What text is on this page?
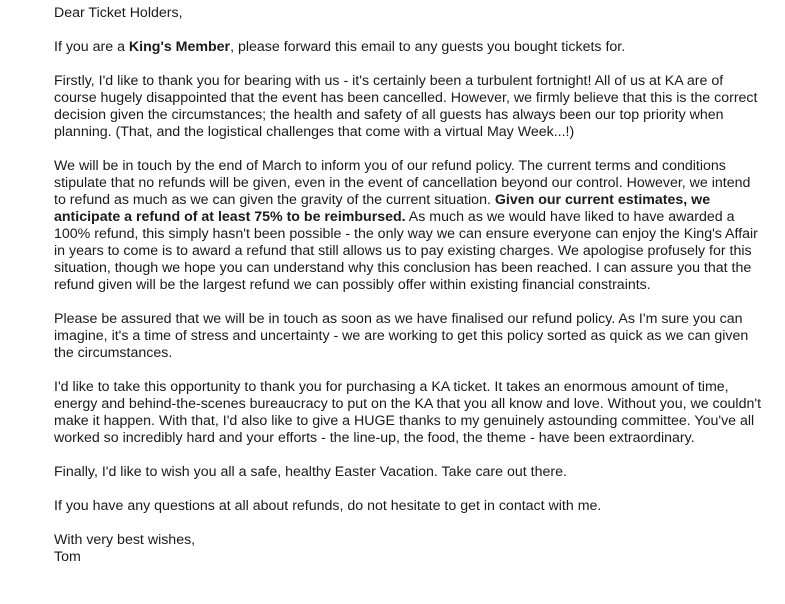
Dear Ticket Holders,

If you are a King's Member, please forward this email to any guests you bought tickets for.

Firstly, I'd like to thank you for bearing with us - it's certainly been a turbulent fortnight! All of us at KA are of course hugely disappointed that the event has been cancelled. However, we firmly believe that this is the correct decision given the circumstances; the health and safety of all guests has always been our top priority when planning. (That, and the logistical challenges that come with a virtual May Week...!)

We will be in touch by the end of March to inform you of our refund policy. The current terms and conditions stipulate that no refunds will be given, even in the event of cancellation beyond our control. However, we intend to refund as much as we can given the gravity of the current situation. Given our current estimates, we anticipate a refund of at least 75% to be reimbursed. As much as we would have liked to have awarded a 100% refund, this simply hasn't been possible - the only way we can ensure everyone can enjoy the King's Affair in years to come is to award a refund that still allows us to pay existing charges. We apologise profusely for this situation, though we hope you can understand why this conclusion has been reached. I can assure you that the refund given will be the largest refund we can possibly offer within existing financial constraints.

Please be assured that we will be in touch as soon as we have finalised our refund policy. As I'm sure you can imagine, it's a time of stress and uncertainty - we are working to get this policy sorted as quick as we can given the circumstances.

I'd like to take this opportunity to thank you for purchasing a KA ticket. It takes an enormous amount of time, energy and behind-the-scenes bureaucracy to put on the KA that you all know and love. Without you, we couldn't make it happen. With that, I'd also like to give a HUGE thanks to my genuinely astounding committee. You've all worked so incredibly hard and your efforts - the line-up, the food, the theme - have been extraordinary.

Finally, I'd like to wish you all a safe, healthy Easter Vacation. Take care out there.

If you have any questions at all about refunds, do not hesitate to get in contact with me.

With very best wishes,

Tom
